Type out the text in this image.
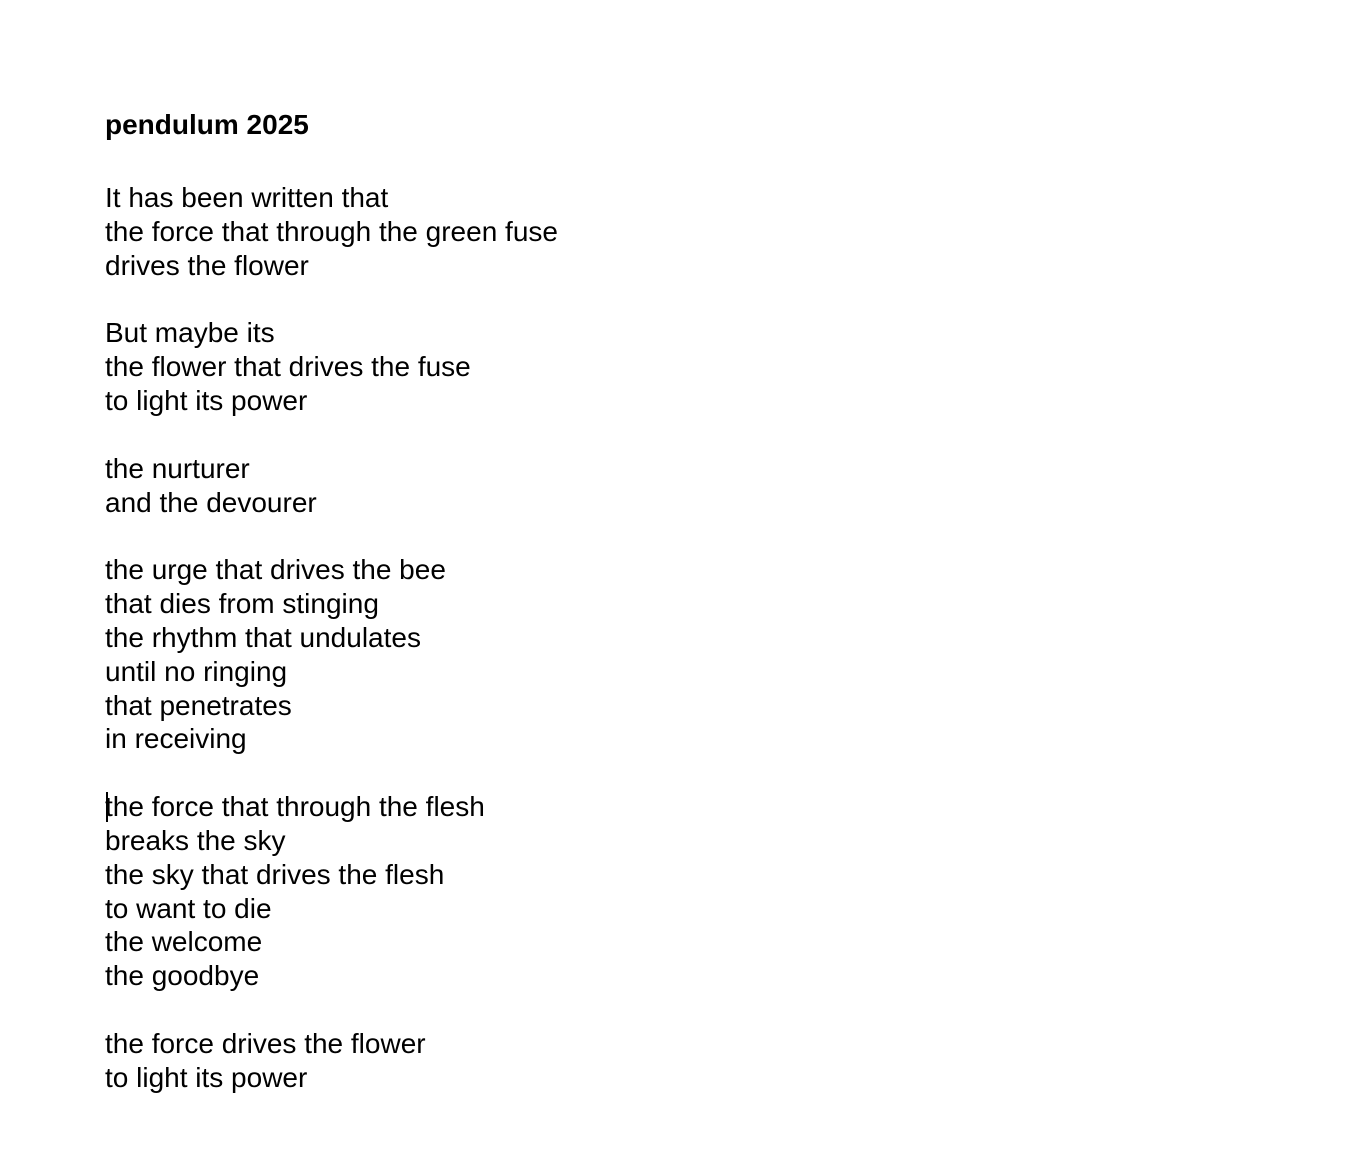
pendulum 2025
It has been written that
the force that through the green fuse
drives the flower
But maybe its
the flower that drives the fuse
to light its power
the nurturer
and the devourer
the urge that drives the bee
that dies from stinging
the rhythm that undulates
until no ringing
that penetrates
in receiving
the force that through the flesh
breaks the sky
the sky that drives the flesh
to want to die
the welcome
the goodbye
the force drives the flower
to light its power
